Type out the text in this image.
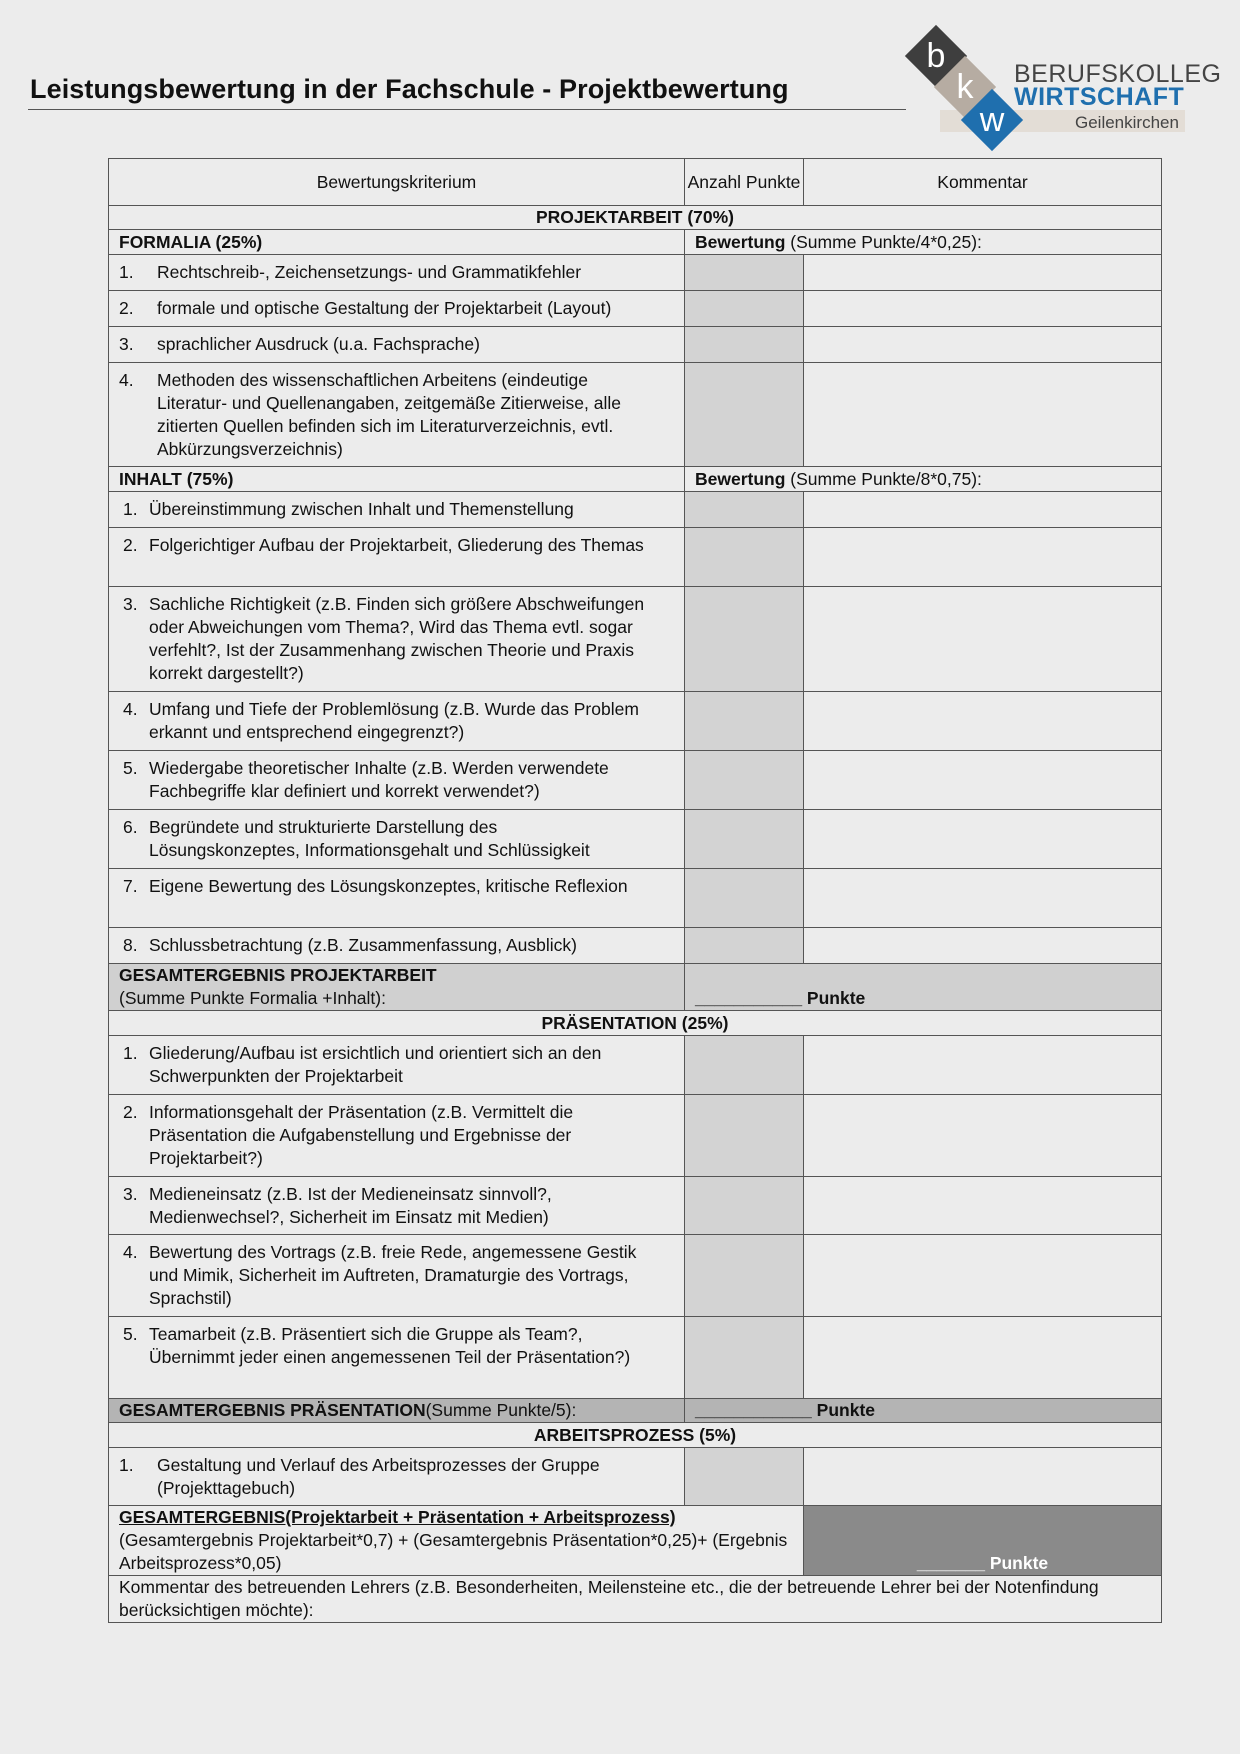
Leistungsbewertung in der Fachschule - Projektbewertung
b
k
w
BERUFSKOLLEG
WIRTSCHAFT
Geilenkirchen
Bewertungskriterium	Anzahl Punkte	Kommentar
PROJEKTARBEIT (70%)		
FORMALIA (25%)	Bewertung (Summe Punkte/4*0,25):	
1. Rechtschreib-, Zeichensetzungs- und Grammatikfehler		
2. formale und optische Gestaltung der Projektarbeit (Layout)		
3. sprachlicher Ausdruck (u.a. Fachsprache)		
4. Methoden des wissenschaftlichen Arbeitens (eindeutige Literatur- und Quellenangaben, zeitgemäße Zitierweise, alle zitierten Quellen befinden sich im Literaturverzeichnis, evtl. Abkürzungsverzeichnis)		
INHALT (75%)	Bewertung (Summe Punkte/8*0,75):	
1. Übereinstimmung zwischen Inhalt und Themenstellung		
2. Folgerichtiger Aufbau der Projektarbeit, Gliederung des Themas		
3. Sachliche Richtigkeit (z.B. Finden sich größere Abschweifungen oder Abweichungen vom Thema?, Wird das Thema evtl. sogar verfehlt?, Ist der Zusammenhang zwischen Theorie und Praxis korrekt dargestellt?)		
4. Umfang und Tiefe der Problemlösung (z.B. Wurde das Problem erkannt und entsprechend eingegrenzt?)		
5. Wiedergabe theoretischer Inhalte (z.B. Werden verwendete Fachbegriffe klar definiert und korrekt verwendet?)		
6. Begründete und strukturierte Darstellung des Lösungskonzeptes, Informationsgehalt und Schlüssigkeit		
7. Eigene Bewertung des Lösungskonzeptes, kritische Reflexion		
8. Schlussbetrachtung (z.B. Zusammenfassung, Ausblick)		

GESAMTERGEBNIS PROJEKTARBEIT
(Summe Punkte Formalia +Inhalt):	___________ Punkte	
PRÄSENTATION (25%)		
1. Gliederung/Aufbau ist ersichtlich und orientiert sich an den Schwerpunkten der Projektarbeit		
2. Informationsgehalt der Präsentation (z.B. Vermittelt die Präsentation die Aufgabenstellung und Ergebnisse der Projektarbeit?)		
3. Medieneinsatz (z.B. Ist der Medieneinsatz sinnvoll?, Medienwechsel?, Sicherheit im Einsatz mit Medien)		
4. Bewertung des Vortrags (z.B. freie Rede, angemessene Gestik und Mimik, Sicherheit im Auftreten, Dramaturgie des Vortrags, Sprachstil)		
5. Teamarbeit (z.B. Präsentiert sich die Gruppe als Team?, Übernimmt jeder einen angemessenen Teil der Präsentation?)		
GESAMTERGEBNIS PRÄSENTATION(Summe Punkte/5):	____________ Punkte	
ARBEITSPROZESS (5%)		
1. Gestaltung und Verlauf des Arbeitsprozesses der Gruppe (Projekttagebuch)		

GESAMTERGEBNIS(Projektarbeit + Präsentation + Arbeitsprozess)
(Gesamtergebnis Projektarbeit*0,7) + (Gesamtergebnis Präsentation*0,25)+ (Ergebnis Arbeitsprozess*0,05)		_______ Punkte
Kommentar des betreuenden Lehrers (z.B. Besonderheiten, Meilensteine etc., die der betreuende Lehrer bei der Notenfindung berücksichtigen möchte):		
